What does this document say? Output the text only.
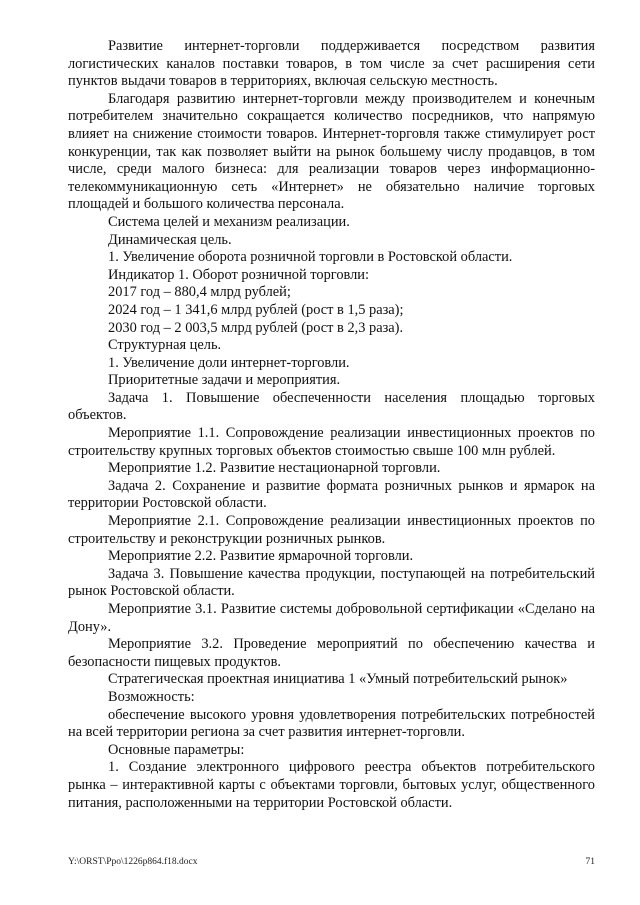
Развитие интернет-торговли поддерживается посредством развития логистических каналов поставки товаров, в том числе за счет расширения сети пунктов выдачи товаров в территориях, включая сельскую местность.

Благодаря развитию интернет-торговли между производителем и конечным потребителем значительно сокращается количество посредников, что напрямую влияет на снижение стоимости товаров. Интернет-торговля также стимулирует рост конкуренции, так как позволяет выйти на рынок большему числу продавцов, в том числе, среди малого бизнеса: для реализации товаров через информационно-телекоммуникационную сеть «Интернет» не обязательно наличие торговых площадей и большого количества персонала.

Система целей и механизм реализации.

Динамическая цель.

1. Увеличение оборота розничной торговли в Ростовской области.

Индикатор 1. Оборот розничной торговли:

2017 год – 880,4 млрд рублей;

2024 год – 1 341,6 млрд рублей (рост в 1,5 раза);

2030 год – 2 003,5 млрд рублей (рост в 2,3 раза).

Структурная цель.

1. Увеличение доли интернет-торговли.

Приоритетные задачи и мероприятия.

Задача 1. Повышение обеспеченности населения площадью торговых объектов.

Мероприятие 1.1. Сопровождение реализации инвестиционных проектов по строительству крупных торговых объектов стоимостью свыше 100 млн рублей.

Мероприятие 1.2. Развитие нестационарной торговли.

Задача 2. Сохранение и развитие формата розничных рынков и ярмарок на территории Ростовской области.

Мероприятие 2.1. Сопровождение реализации инвестиционных проектов по строительству и реконструкции розничных рынков.

Мероприятие 2.2. Развитие ярмарочной торговли.

Задача 3. Повышение качества продукции, поступающей на потребительский рынок Ростовской области.

Мероприятие 3.1. Развитие системы добровольной сертификации «Сделано на Дону».

Мероприятие 3.2. Проведение мероприятий по обеспечению качества и безопасности пищевых продуктов.

Стратегическая проектная инициатива 1 «Умный потребительский рынок»

Возможность:

обеспечение высокого уровня удовлетворения потребительских потребностей на всей территории региона за счет развития интернет-торговли.

Основные параметры:

1. Создание электронного цифрового реестра объектов потребительского рынка – интерактивной карты с объектами торговли, бытовых услуг, общественного питания, расположенными на территории Ростовской области.

Y:\ORST\Ppo\1226p864.f18.docx	71
